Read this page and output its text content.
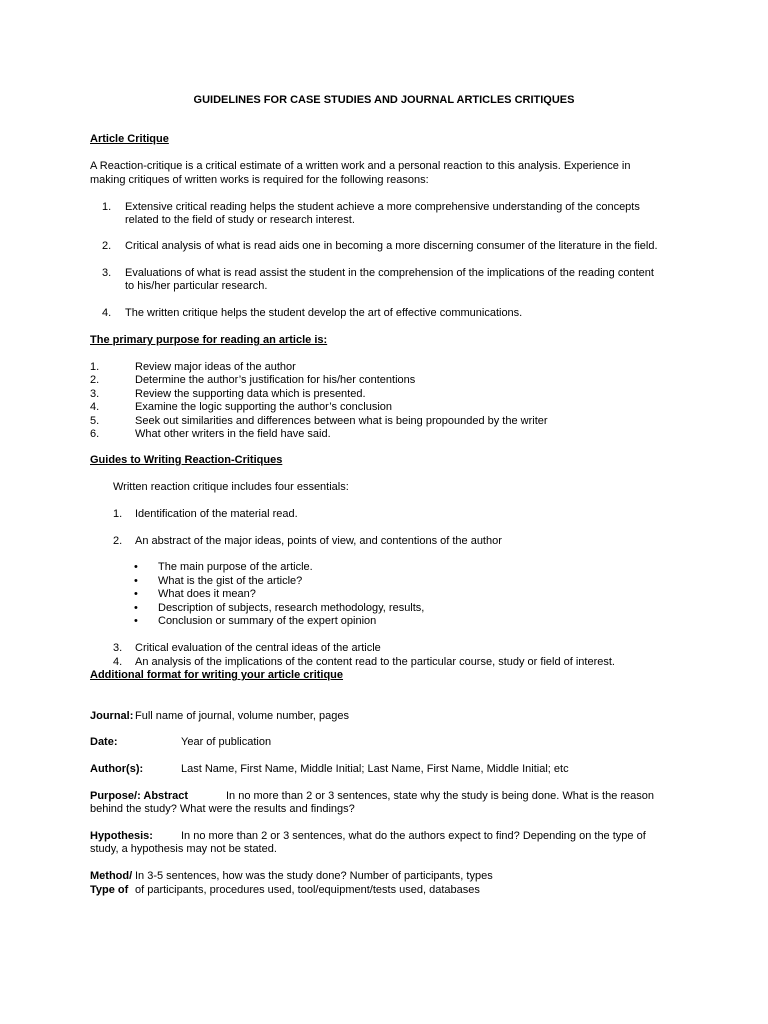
GUIDELINES FOR CASE STUDIES AND JOURNAL ARTICLES CRITIQUES
Article Critique
A Reaction-critique is a critical estimate of a written work and a personal reaction to this analysis. Experience in
making critiques of written works is required for the following reasons:
1. Extensive critical reading helps the student achieve a more comprehensive understanding of the concepts
related to the field of study or research interest.
2. Critical analysis of what is read aids one in becoming a more discerning consumer of the literature in the field.
3. Evaluations of what is read assist the student in the comprehension of the implications of the reading content
to his/her particular research.
4. The written critique helps the student develop the art of effective communications.
The primary purpose for reading an article is:
1.	Review major ideas of the author
2.	Determine the author’s justification for his/her contentions
3.	Review the supporting data which is presented.
4.	Examine the logic supporting the author’s conclusion
5.	Seek out similarities and differences between what is being propounded by the writer
6.	What other writers in the field have said.
Guides to Writing Reaction-Critiques
Written reaction critique includes four essentials:
1. Identification of the material read.
2. An abstract of the major ideas, points of view, and contentions of the author
• The main purpose of the article.
• What is the gist of the article?
• What does it mean?
• Description of subjects, research methodology, results,
• Conclusion or summary of the expert opinion
3. Critical evaluation of the central ideas of the article
4. An analysis of the implications of the content read to the particular course, study or field of interest.
Additional format for writing your article critique
Journal: Full name of journal, volume number, pages
Date:	Year of publication
Author(s):	Last Name, First Name, Middle Initial; Last Name, First Name, Middle Initial; etc
Purpose/: Abstract	In no more than 2 or 3 sentences, state why the study is being done. What is the reason
behind the study? What were the results and findings?
Hypothesis:	In no more than 2 or 3 sentences, what do the authors expect to find? Depending on the type of
study, a hypothesis may not be stated.
Method/ In 3-5 sentences, how was the study done? Number of participants, types
Type of of participants, procedures used, tool/equipment/tests used, databases
